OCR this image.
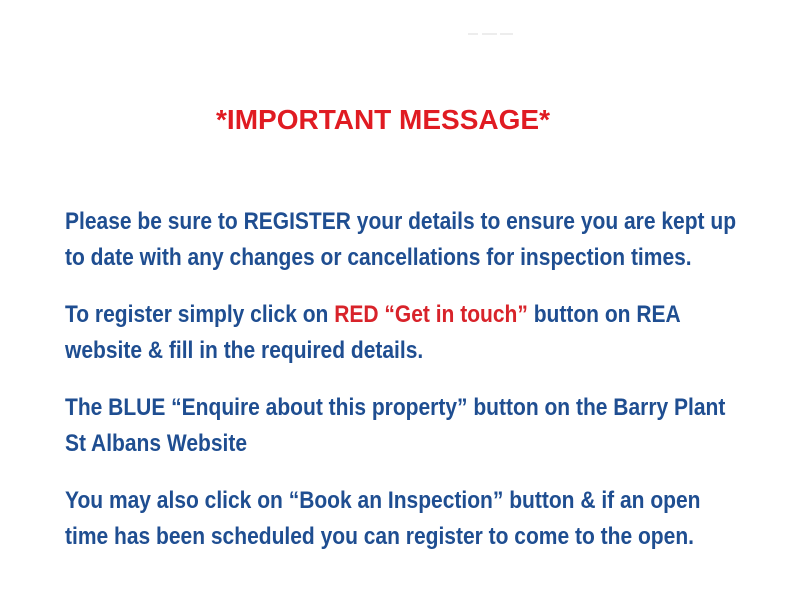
*IMPORTANT MESSAGE*
Please be sure to REGISTER your details to ensure you are kept up
to date with any changes or cancellations for inspection times.
To register simply click on RED “Get in touch” button on REA
website & fill in the required details.
The BLUE “Enquire about this property” button on the Barry Plant
St Albans Website
You may also click on “Book an Inspection” button & if an open
time has been scheduled you can register to come to the open.
